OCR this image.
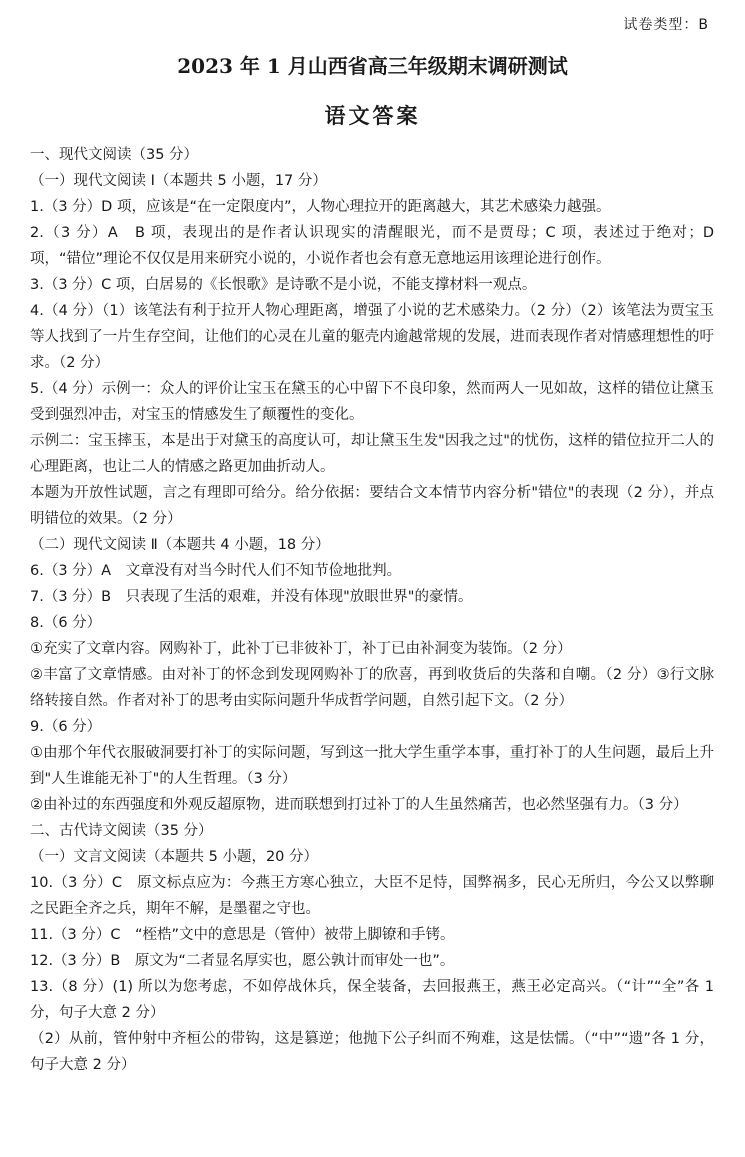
试卷类型：B
2023 年 1 月山西省高三年级期末调研测试
语文答案

一、现代文阅读（35 分）

（一）现代文阅读 I（本题共 5 小题，17 分）

1.（3 分）D 项，应该是“在一定限度内”，人物心理拉开的距离越大，其艺术感染力越强。

2.（3 分）A　B 项，表现出的是作者认识现实的清醒眼光，而不是贾母；C 项，表述过于绝对；D 项，“错位”理论不仅仅是用来研究小说的，小说作者也会有意无意地运用该理论进行创作。

3.（3 分）C 项，白居易的《长恨歌》是诗歌不是小说，不能支撑材料一观点。

4.（4 分）（1）该笔法有利于拉开人物心理距离，增强了小说的艺术感染力。（2 分）（2）该笔法为贾宝玉等人找到了一片生存空间，让他们的心灵在儿童的躯壳内逾越常规的发展，进而表现作者对情感理想性的吁求。（2 分）

5.（4 分）示例一：众人的评价让宝玉在黛玉的心中留下不良印象，然而两人一见如故，这样的错位让黛玉受到强烈冲击，对宝玉的情感发生了颠覆性的变化。

示例二：宝玉摔玉，本是出于对黛玉的高度认可，却让黛玉生发"因我之过"的忧伤，这样的错位拉开二人的心理距离，也让二人的情感之路更加曲折动人。

本题为开放性试题，言之有理即可给分。给分依据：要结合文本情节内容分析"错位"的表现（2 分），并点明错位的效果。（2 分）

（二）现代文阅读 Ⅱ（本题共 4 小题，18 分）

6.（3 分）A　文章没有对当今时代人们不知节俭地批判。

7.（3 分）B　只表现了生活的艰难，并没有体现"放眼世界"的豪情。

8.（6 分）

①充实了文章内容。网购补丁，此补丁已非彼补丁，补丁已由补洞变为装饰。（2 分）

②丰富了文章情感。由对补丁的怀念到发现网购补丁的欣喜，再到收货后的失落和自嘲。（2 分）③行文脉络转接自然。作者对补丁的思考由实际问题升华成哲学问题，自然引起下文。（2 分）

9.（6 分）

①由那个年代衣服破洞要打补丁的实际问题，写到这一批大学生重学本事，重打补丁的人生问题，最后上升到"人生谁能无补丁"的人生哲理。（3 分）

②由补过的东西强度和外观反超原物，进而联想到打过补丁的人生虽然痛苦，也必然坚强有力。（3 分）

二、古代诗文阅读（35 分）

（一）文言文阅读（本题共 5 小题，20 分）

10.（3 分）C　原文标点应为：今燕王方寒心独立，大臣不足恃，国弊祸多，民心无所归，今公又以弊聊之民距全齐之兵，期年不解，是墨翟之守也。

11.（3 分）C　“桎梏”文中的意思是（管仲）被带上脚镣和手铐。

12.（3 分）B　原文为“二者显名厚实也，愿公孰计而审处一也”。

13.（8 分）(1) 所以为您考虑，不如停战休兵，保全装备，去回报燕王，燕王必定高兴。（“计”“全”各 1 分，句子大意 2 分）

（2）从前，管仲射中齐桓公的带钩，这是篡逆；他抛下公子纠而不殉难，这是怯懦。（“中”“遗”各 1 分，句子大意 2 分）
